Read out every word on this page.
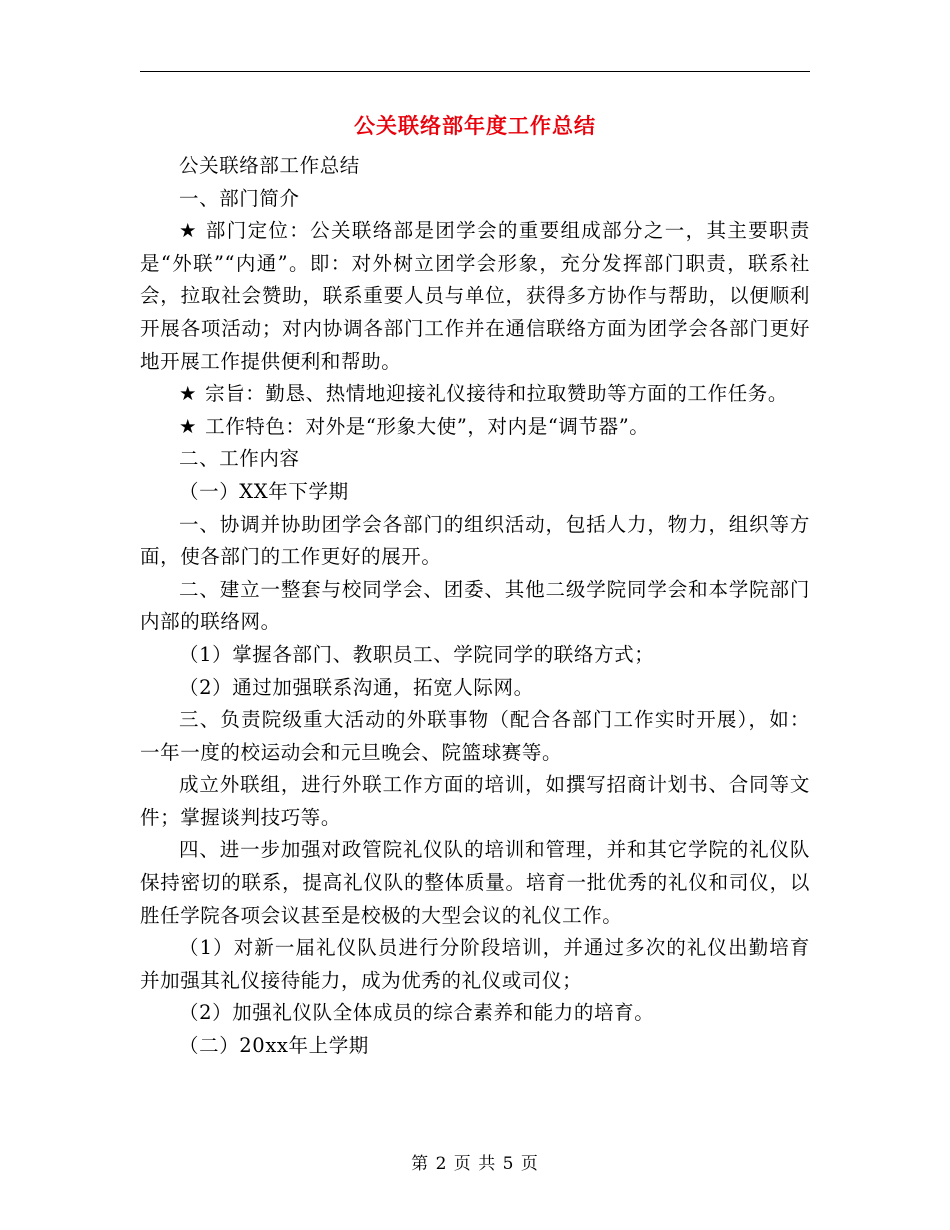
公关联络部年度工作总结

公关联络部工作总结

一、部门简介

★ 部门定位：公关联络部是团学会的重要组成部分之一，其主要职责是“外联”“内通”。即：对外树立团学会形象，充分发挥部门职责，联系社会，拉取社会赞助，联系重要人员与单位，获得多方协作与帮助，以便顺利开展各项活动；对内协调各部门工作并在通信联络方面为团学会各部门更好地开展工作提供便利和帮助。

★ 宗旨：勤恳、热情地迎接礼仪接待和拉取赞助等方面的工作任务。

★ 工作特色：对外是“形象大使”，对内是“调节器”。

二、工作内容

（一）XX年下学期

一、协调并协助团学会各部门的组织活动，包括人力，物力，组织等方面，使各部门的工作更好的展开。

二、建立一整套与校同学会、团委、其他二级学院同学会和本学院部门内部的联络网。

（1）掌握各部门、教职员工、学院同学的联络方式；

（2）通过加强联系沟通，拓宽人际网。

三、负责院级重大活动的外联事物（配合各部门工作实时开展），如：一年一度的校运动会和元旦晚会、院篮球赛等。

成立外联组，进行外联工作方面的培训，如撰写招商计划书、合同等文件；掌握谈判技巧等。

四、进一步加强对政管院礼仪队的培训和管理，并和其它学院的礼仪队保持密切的联系，提高礼仪队的整体质量。培育一批优秀的礼仪和司仪，以胜任学院各项会议甚至是校极的大型会议的礼仪工作。

（1）对新一届礼仪队员进行分阶段培训，并通过多次的礼仪出勤培育并加强其礼仪接待能力，成为优秀的礼仪或司仪；

（2）加强礼仪队全体成员的综合素养和能力的培育。

（二）20xx年上学期

第 2 页 共 5 页
